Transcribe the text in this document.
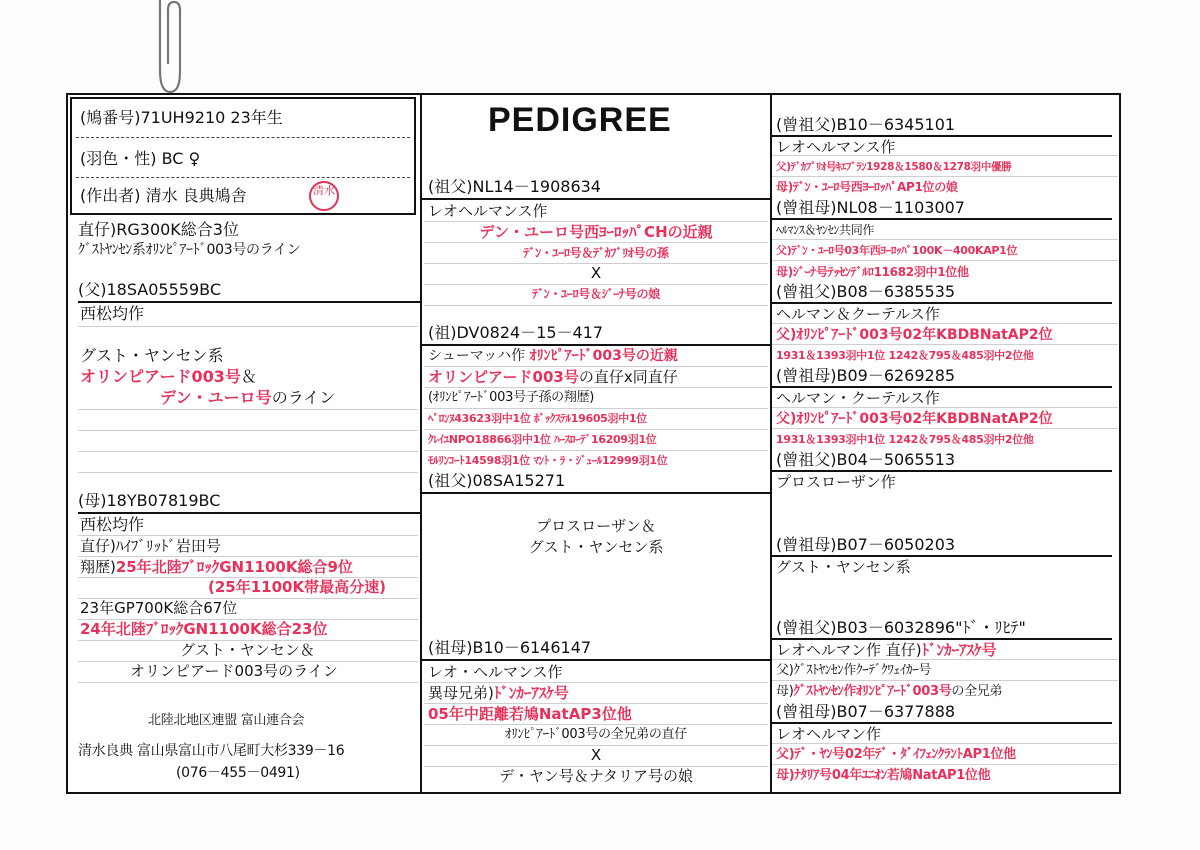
(鳩番号)71UH9210 23年生
(羽色・性) BC ♀
(作出者) 清水 良典鳩舎	清水
直仔)RG300K総合3位
ｸﾞｽﾄﾔﾝｾﾝ系ｵﾘﾝﾋﾟｱｰﾄﾞ003号のライン
(父)18SA05559BC
西松均作
グスト・ヤンセン系
オリンピアード003号＆
デン・ユーロ号のライン
(母)18YB07819BC
西松均作
直仔)ﾊｲﾌﾞﾘｯﾄﾞ岩田号
翔歴)25年北陸ﾌﾞﾛｯｸGN1100K総合9位
(25年1100K帯最高分速)
23年GP700K総合67位
24年北陸ﾌﾞﾛｯｸGN1100K総合23位
グスト・ヤンセン＆
オリンピアード003号のライン
北陸北地区連盟 富山連合会
清水良典 富山県富山市八尾町大杉339－16
(076－455－0491)
PEDIGREE
(祖父)NL14－1908634
レオヘルマンス作
デン・ユーロ号西ﾖｰﾛｯﾊﾟCHの近親
ﾃﾞﾝ・ﾕｰﾛ号＆ﾃﾞｶﾌﾞﾘｵ号の孫
X
ﾃﾞﾝ・ﾕｰﾛ号＆ｼﾞｰﾅ号の娘
(祖)DV0824－15－417
シューマッハ作 ｵﾘﾝﾋﾟｱｰﾄﾞ003号の近親
オリンピアード003号の直仔x同直仔
(ｵﾘﾝﾋﾟｱｰﾄﾞ003号子孫の翔歴)
ﾍﾟﾛﾝﾇ43623羽中1位 ﾎﾞｯｸｽﾃﾙ19605羽中1位
ｸﾚｲﾕNPO18866羽中1位 ﾊｰｽﾛｰﾃﾞ16209羽1位
ﾓﾙﾘﾝｺｰﾄ14598羽1位 ﾏﾝﾄ・ﾗ・ｼﾞｭｰﾙ12999羽1位
(祖父)08SA15271
プロスローザン＆
グスト・ヤンセン系
(祖母)B10－6146147
レオ・ヘルマンス作
異母兄弟)ﾄﾞﾝｶｰｱｽｹ号
05年中距離若鳩NatAP3位他
ｵﾘﾝﾋﾟｱｰﾄﾞ003号の全兄弟の直仔
X
デ・ヤン号＆ナタリア号の娘
(曾祖父)B10－6345101
レオヘルマンス作
父)ﾃﾞｶﾌﾟﾘｵ号ｷｴﾌﾞﾗﾝ1928＆1580＆1278羽中優勝
母)ﾃﾞﾝ・ﾕｰﾛ号西ﾖｰﾛｯﾊﾟAP1位の娘
(曾祖母)NL08－1103007
ﾍﾙﾏﾝｽ＆ﾔﾝｾﾝ共同作
父)ﾃﾞﾝ・ﾕｰﾛ号03年西ﾖｰﾛｯﾊﾟ100K－400KAP1位
母)ｼﾞｰﾅ号ﾃｯｾﾝﾃﾞﾙﾛ11682羽中1位他
(曾祖父)B08－6385535
ヘルマン＆クーテルス作
父)ｵﾘﾝﾋﾟｱｰﾄﾞ003号02年KBDBNatAP2位
1931＆1393羽中1位 1242＆795＆485羽中2位他
(曾祖母)B09－6269285
ヘルマン・クーテルス作
父)ｵﾘﾝﾋﾟｱｰﾄﾞ003号02年KBDBNatAP2位
1931＆1393羽中1位 1242＆795＆485羽中2位他
(曾祖父)B04－5065513
プロスローザン作
(曾祖母)B07－6050203
グスト・ヤンセン系
(曾祖父)B03－6032896"ﾄﾞ・ﾘﾋﾃ"
レオヘルマン作 直仔)ﾄﾞﾝｶｰｱｽｹ号
父)ｸﾞｽﾄﾔﾝｾﾝ作ｸｰﾃﾞｸﾜｪｲｶｰ号
母)ｸﾞｽﾄﾔﾝｾﾝ作ｵﾘﾝﾋﾟｱｰﾄﾞ003号の全兄弟
(曾祖母)B07－6377888
レオヘルマン作
父)ﾃﾞ・ﾔﾝ号02年ﾃﾞ・ﾀﾞｲﾌｪﾝｸﾗﾝﾄAP1位他
母)ﾅﾀﾘｱ号04年ﾕﾆｵﾝ若鳩NatAP1位他
